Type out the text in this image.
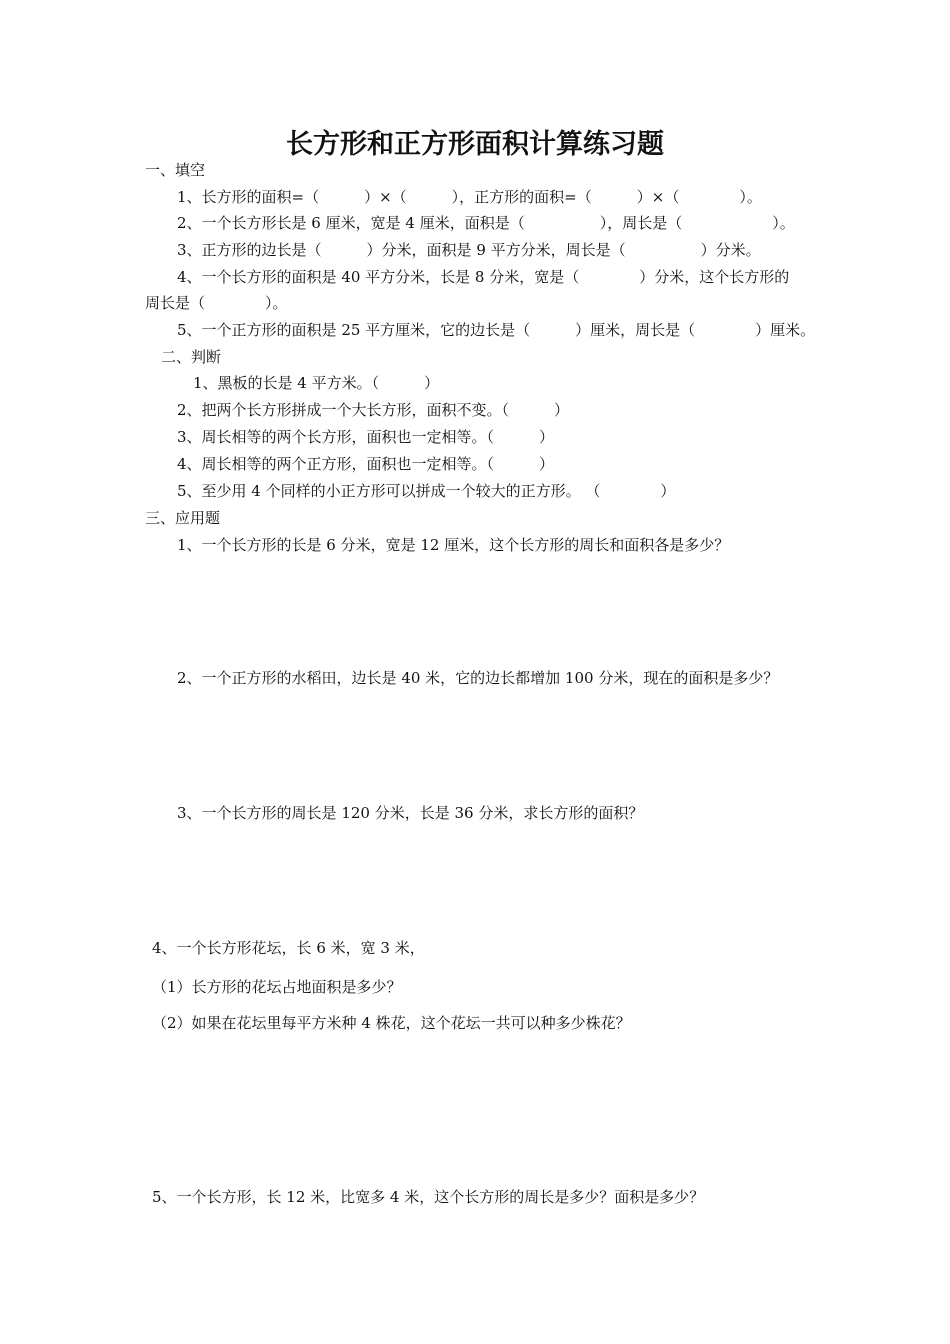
长方形和正方形面积计算练习题
一、填空
1、长方形的面积=（　　　）×（　　　），正方形的面积=（　　　）×（　　　　）。
2、一个长方形长是 6 厘米，宽是 4 厘米，面积是（　　　　　），周长是（　　　　　　）。
3、正方形的边长是（　　　）分米，面积是 9 平方分米，周长是（　　　　　）分米。
4、一个长方形的面积是 40 平方分米，长是 8 分米，宽是（　　　　）分米，这个长方形的
周长是（　　　　）。
5、一个正方形的面积是 25 平方厘米，它的边长是（　　　）厘米，周长是（　　　　）厘米。
二、判断
1、黑板的长是 4 平方米。（　　　）
2、把两个长方形拼成一个大长方形，面积不变。（　　　）
3、周长相等的两个长方形，面积也一定相等。（　　　）
4、周长相等的两个正方形，面积也一定相等。（　　　）
5、至少用 4 个同样的小正方形可以拼成一个较大的正方形。 （　　　　）
三、应用题
1、一个长方形的长是 6 分米，宽是 12 厘米，这个长方形的周长和面积各是多少？
2、一个正方形的水稻田，边长是 40 米，它的边长都增加 100 分米，现在的面积是多少？
3、一个长方形的周长是 120 分米，长是 36 分米，求长方形的面积？
4、一个长方形花坛，长 6 米，宽 3 米，
（1）长方形的花坛占地面积是多少？
（2）如果在花坛里每平方米种 4 株花，这个花坛一共可以种多少株花？
5、一个长方形，长 12 米，比宽多 4 米，这个长方形的周长是多少？面积是多少？
